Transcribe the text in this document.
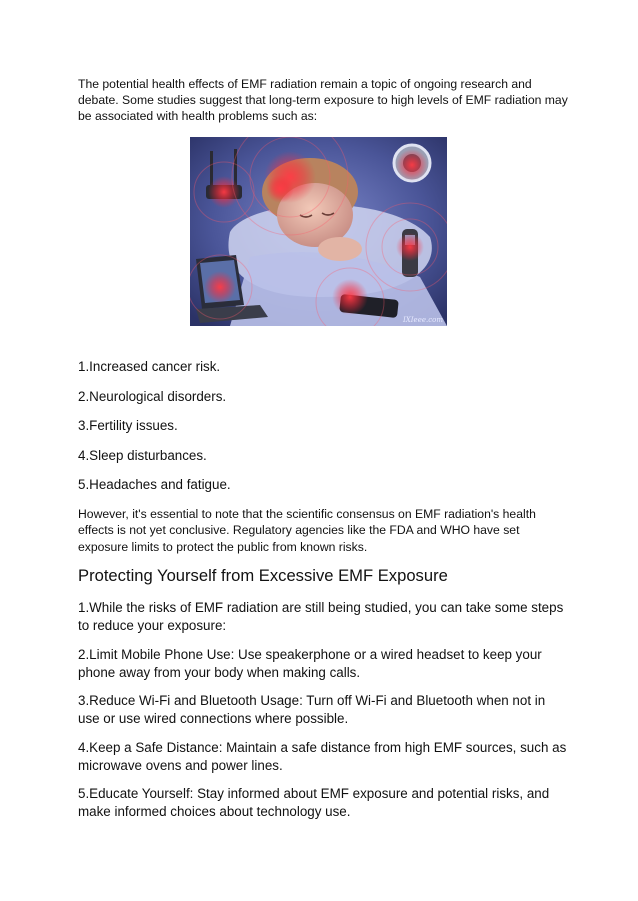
The potential health effects of EMF radiation remain a topic of ongoing research and debate. Some studies suggest that long-term exposure to high levels of EMF radiation may be associated with health problems such as:

IXIeee.com
1.Increased cancer risk.
2.Neurological disorders.
3.Fertility issues.
4.Sleep disturbances.
5.Headaches and fatigue.

However, it's essential to note that the scientific consensus on EMF radiation's health effects is not yet conclusive. Regulatory agencies like the FDA and WHO have set exposure limits to protect the public from known risks.

Protecting Yourself from Excessive EMF Exposure
1.While the risks of EMF radiation are still being studied, you can take some steps to reduce your exposure:
2.Limit Mobile Phone Use: Use speakerphone or a wired headset to keep your phone away from your body when making calls.
3.Reduce Wi-Fi and Bluetooth Usage: Turn off Wi-Fi and Bluetooth when not in use or use wired connections where possible.
4.Keep a Safe Distance: Maintain a safe distance from high EMF sources, such as microwave ovens and power lines.
5.Educate Yourself: Stay informed about EMF exposure and potential risks, and make informed choices about technology use.
